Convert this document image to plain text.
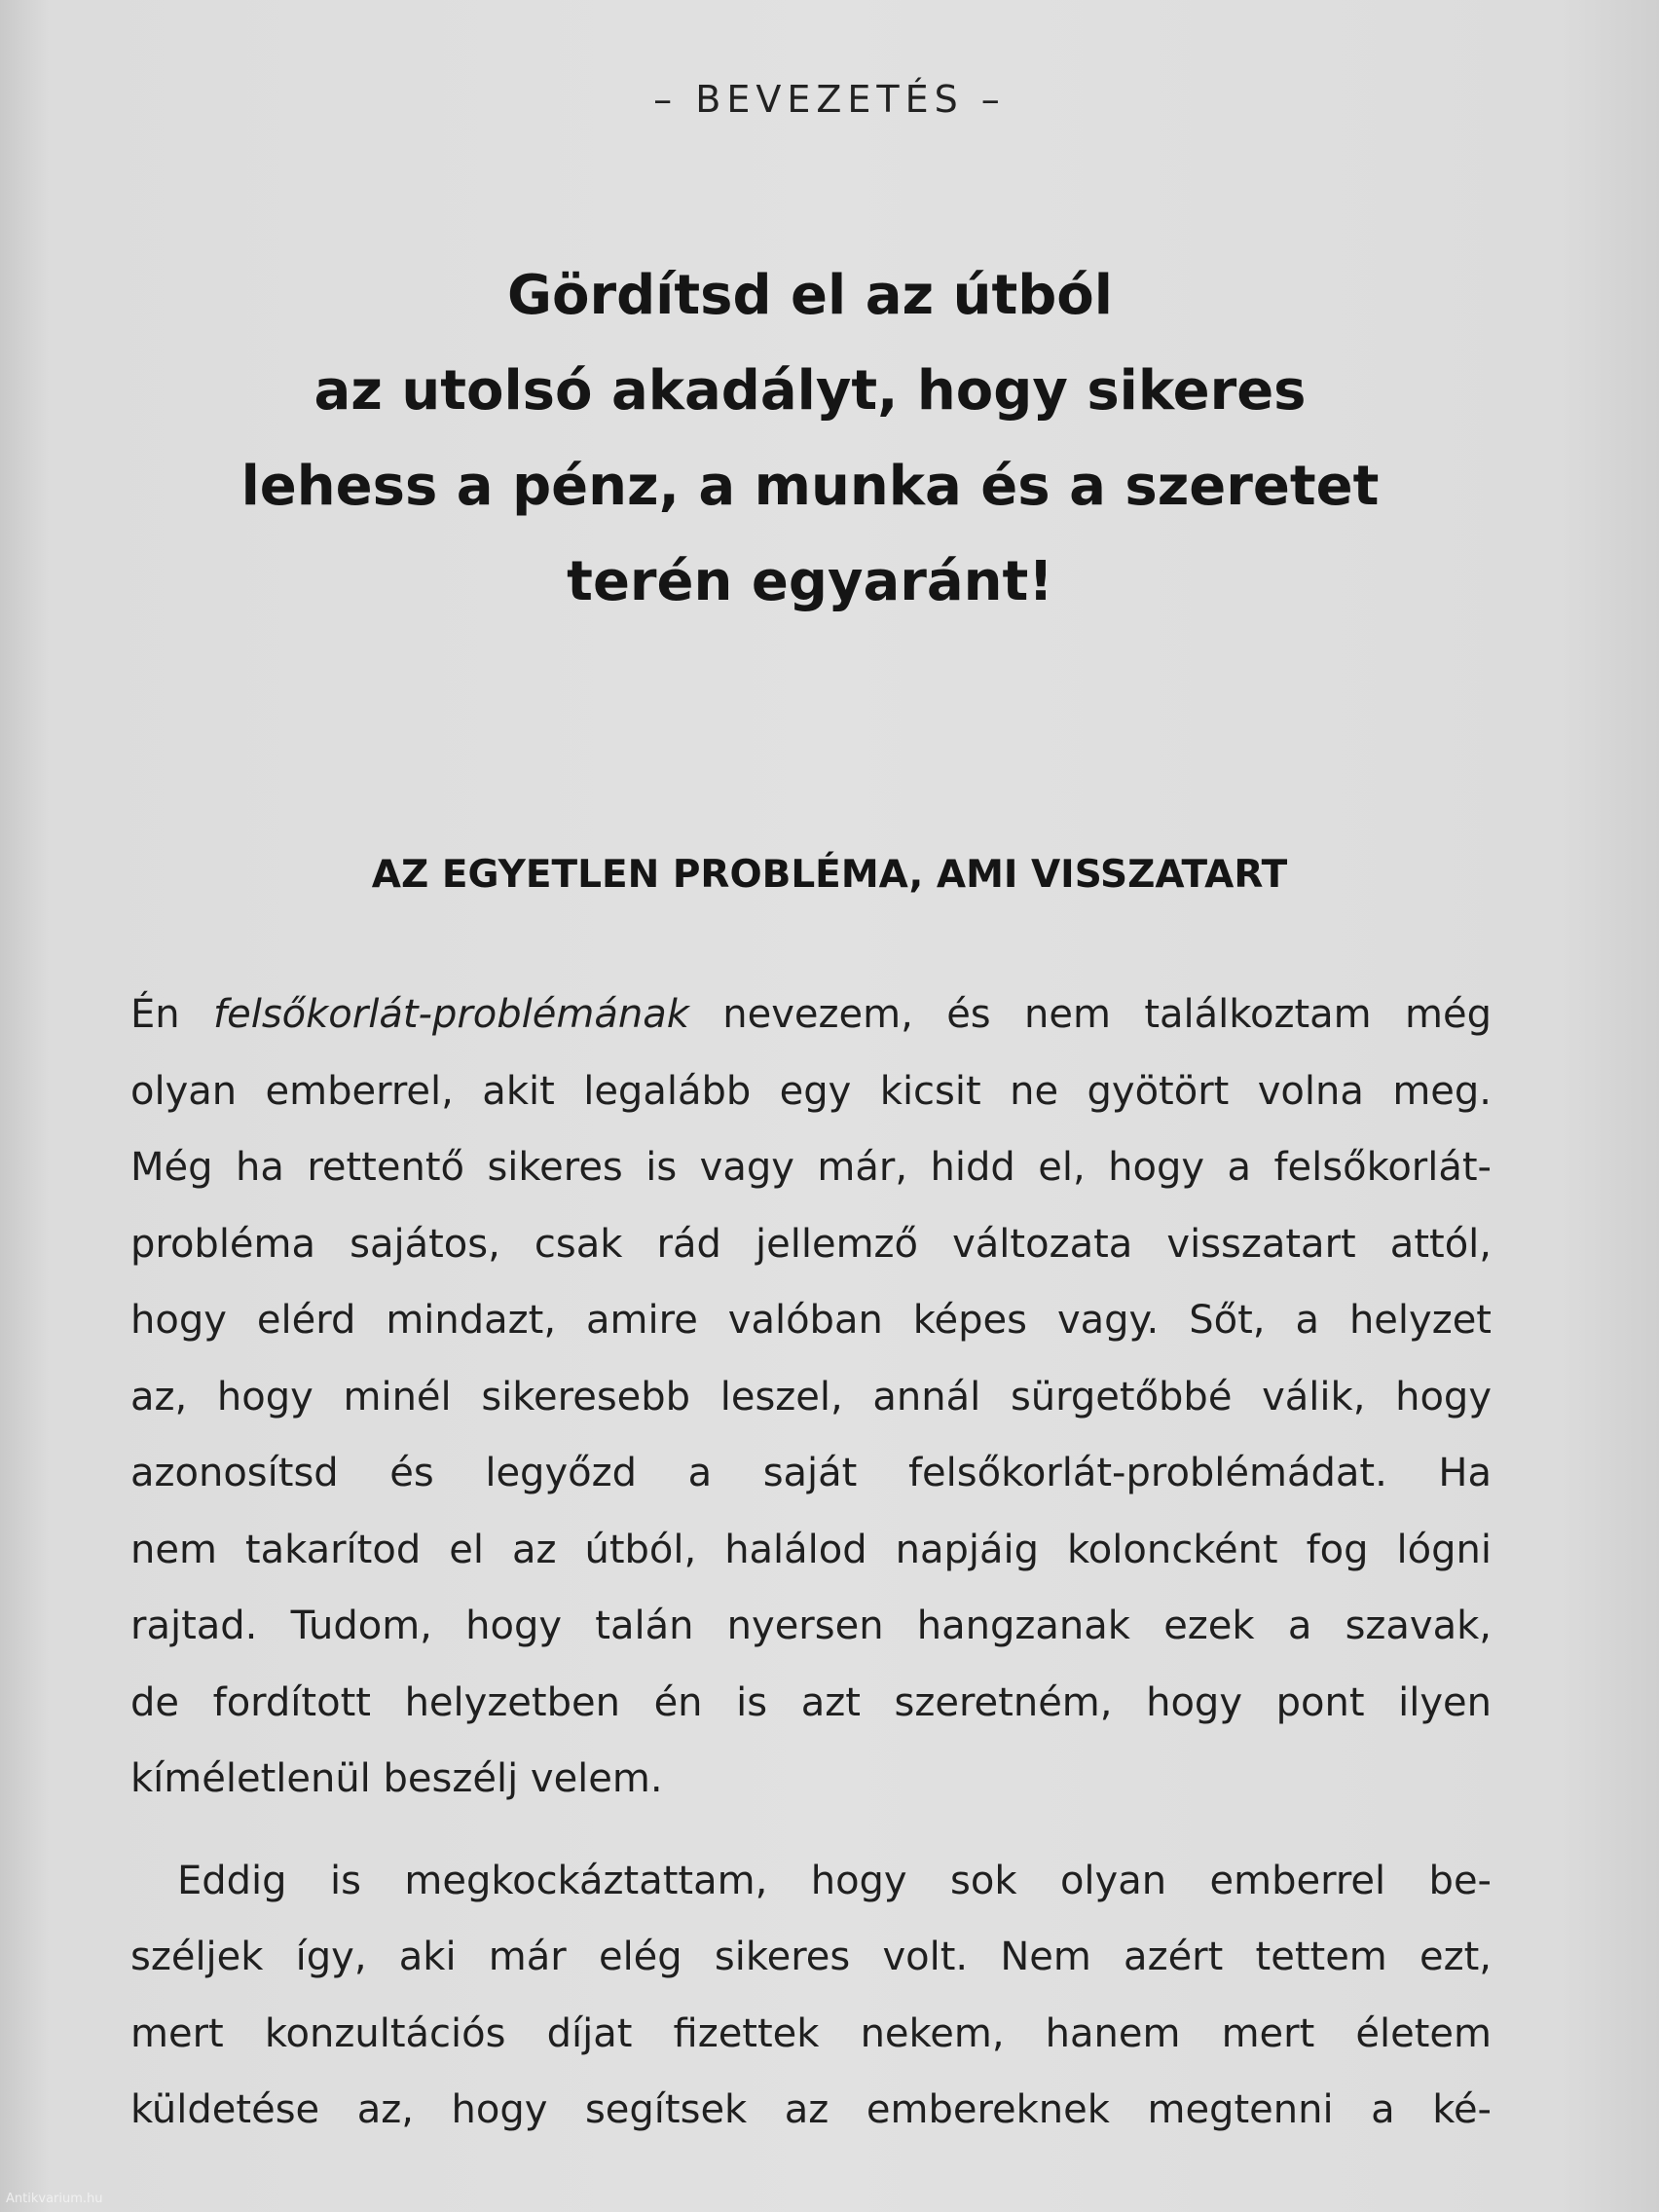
– BEVEZETÉS –
Gördítsd el az útból
az utolsó akadályt, hogy sikeres
lehess a pénz, a munka és a szeretet
terén egyaránt!
AZ EGYETLEN PROBLÉMA, AMI VISSZATART
Én felsőkorlát-problémának nevezem, és nem találkoztam még
olyan emberrel, akit legalább egy kicsit ne gyötört volna meg.
Még ha rettentő sikeres is vagy már, hidd el, hogy a felsőkorlát-
probléma sajátos, csak rád jellemző változata visszatart attól,
hogy elérd mindazt, amire valóban képes vagy. Sőt, a helyzet
az, hogy minél sikeresebb leszel, annál sürgetőbbé válik, hogy
azonosítsd és legyőzd a saját felsőkorlát-problémádat. Ha
nem takarítod el az útból, halálod napjáig koloncként fog lógni
rajtad. Tudom, hogy talán nyersen hangzanak ezek a szavak,
de fordított helyzetben én is azt szeretném, hogy pont ilyen
kíméletlenül beszélj velem.
Eddig is megkockáztattam, hogy sok olyan emberrel be-
széljek így, aki már elég sikeres volt. Nem azért tettem ezt,
mert konzultációs díjat fizettek nekem, hanem mert életem
küldetése az, hogy segítsek az embereknek megtenni a ké-
Antikvarium.hu
